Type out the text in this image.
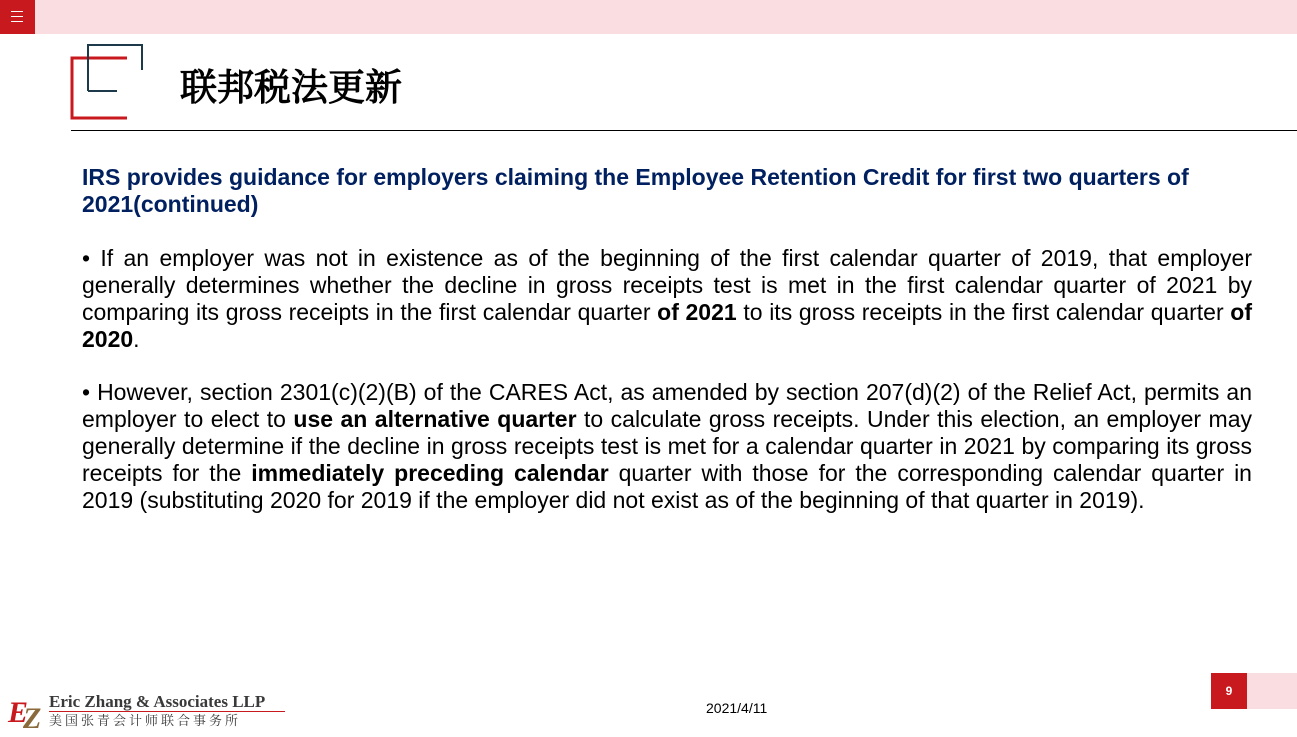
联邦税法更新
IRS provides guidance for employers claiming the Employee Retention Credit for first two quarters of 2021(continued)
• If an employer was not in existence as of the beginning of the first calendar quarter of 2019, that employer generally determines whether the decline in gross receipts test is met in the first calendar quarter of 2021 by comparing its gross receipts in the first calendar quarter of 2021 to its gross receipts in the first calendar quarter of 2020.
• However, section 2301(c)(2)(B) of the CARES Act, as amended by section 207(d)(2) of the Relief Act, permits an employer to elect to use an alternative quarter to calculate gross receipts. Under this election, an employer may generally determine if the decline in gross receipts test is met for a calendar quarter in 2021 by comparing its gross receipts for the immediately preceding calendar quarter with those for the corresponding calendar quarter in 2019 (substituting 2020 for 2019 if the employer did not exist as of the beginning of that quarter in 2019).
E
Z
Eric Zhang & Associates LLP
美国张青会计师联合事务所
2021/4/11
9
